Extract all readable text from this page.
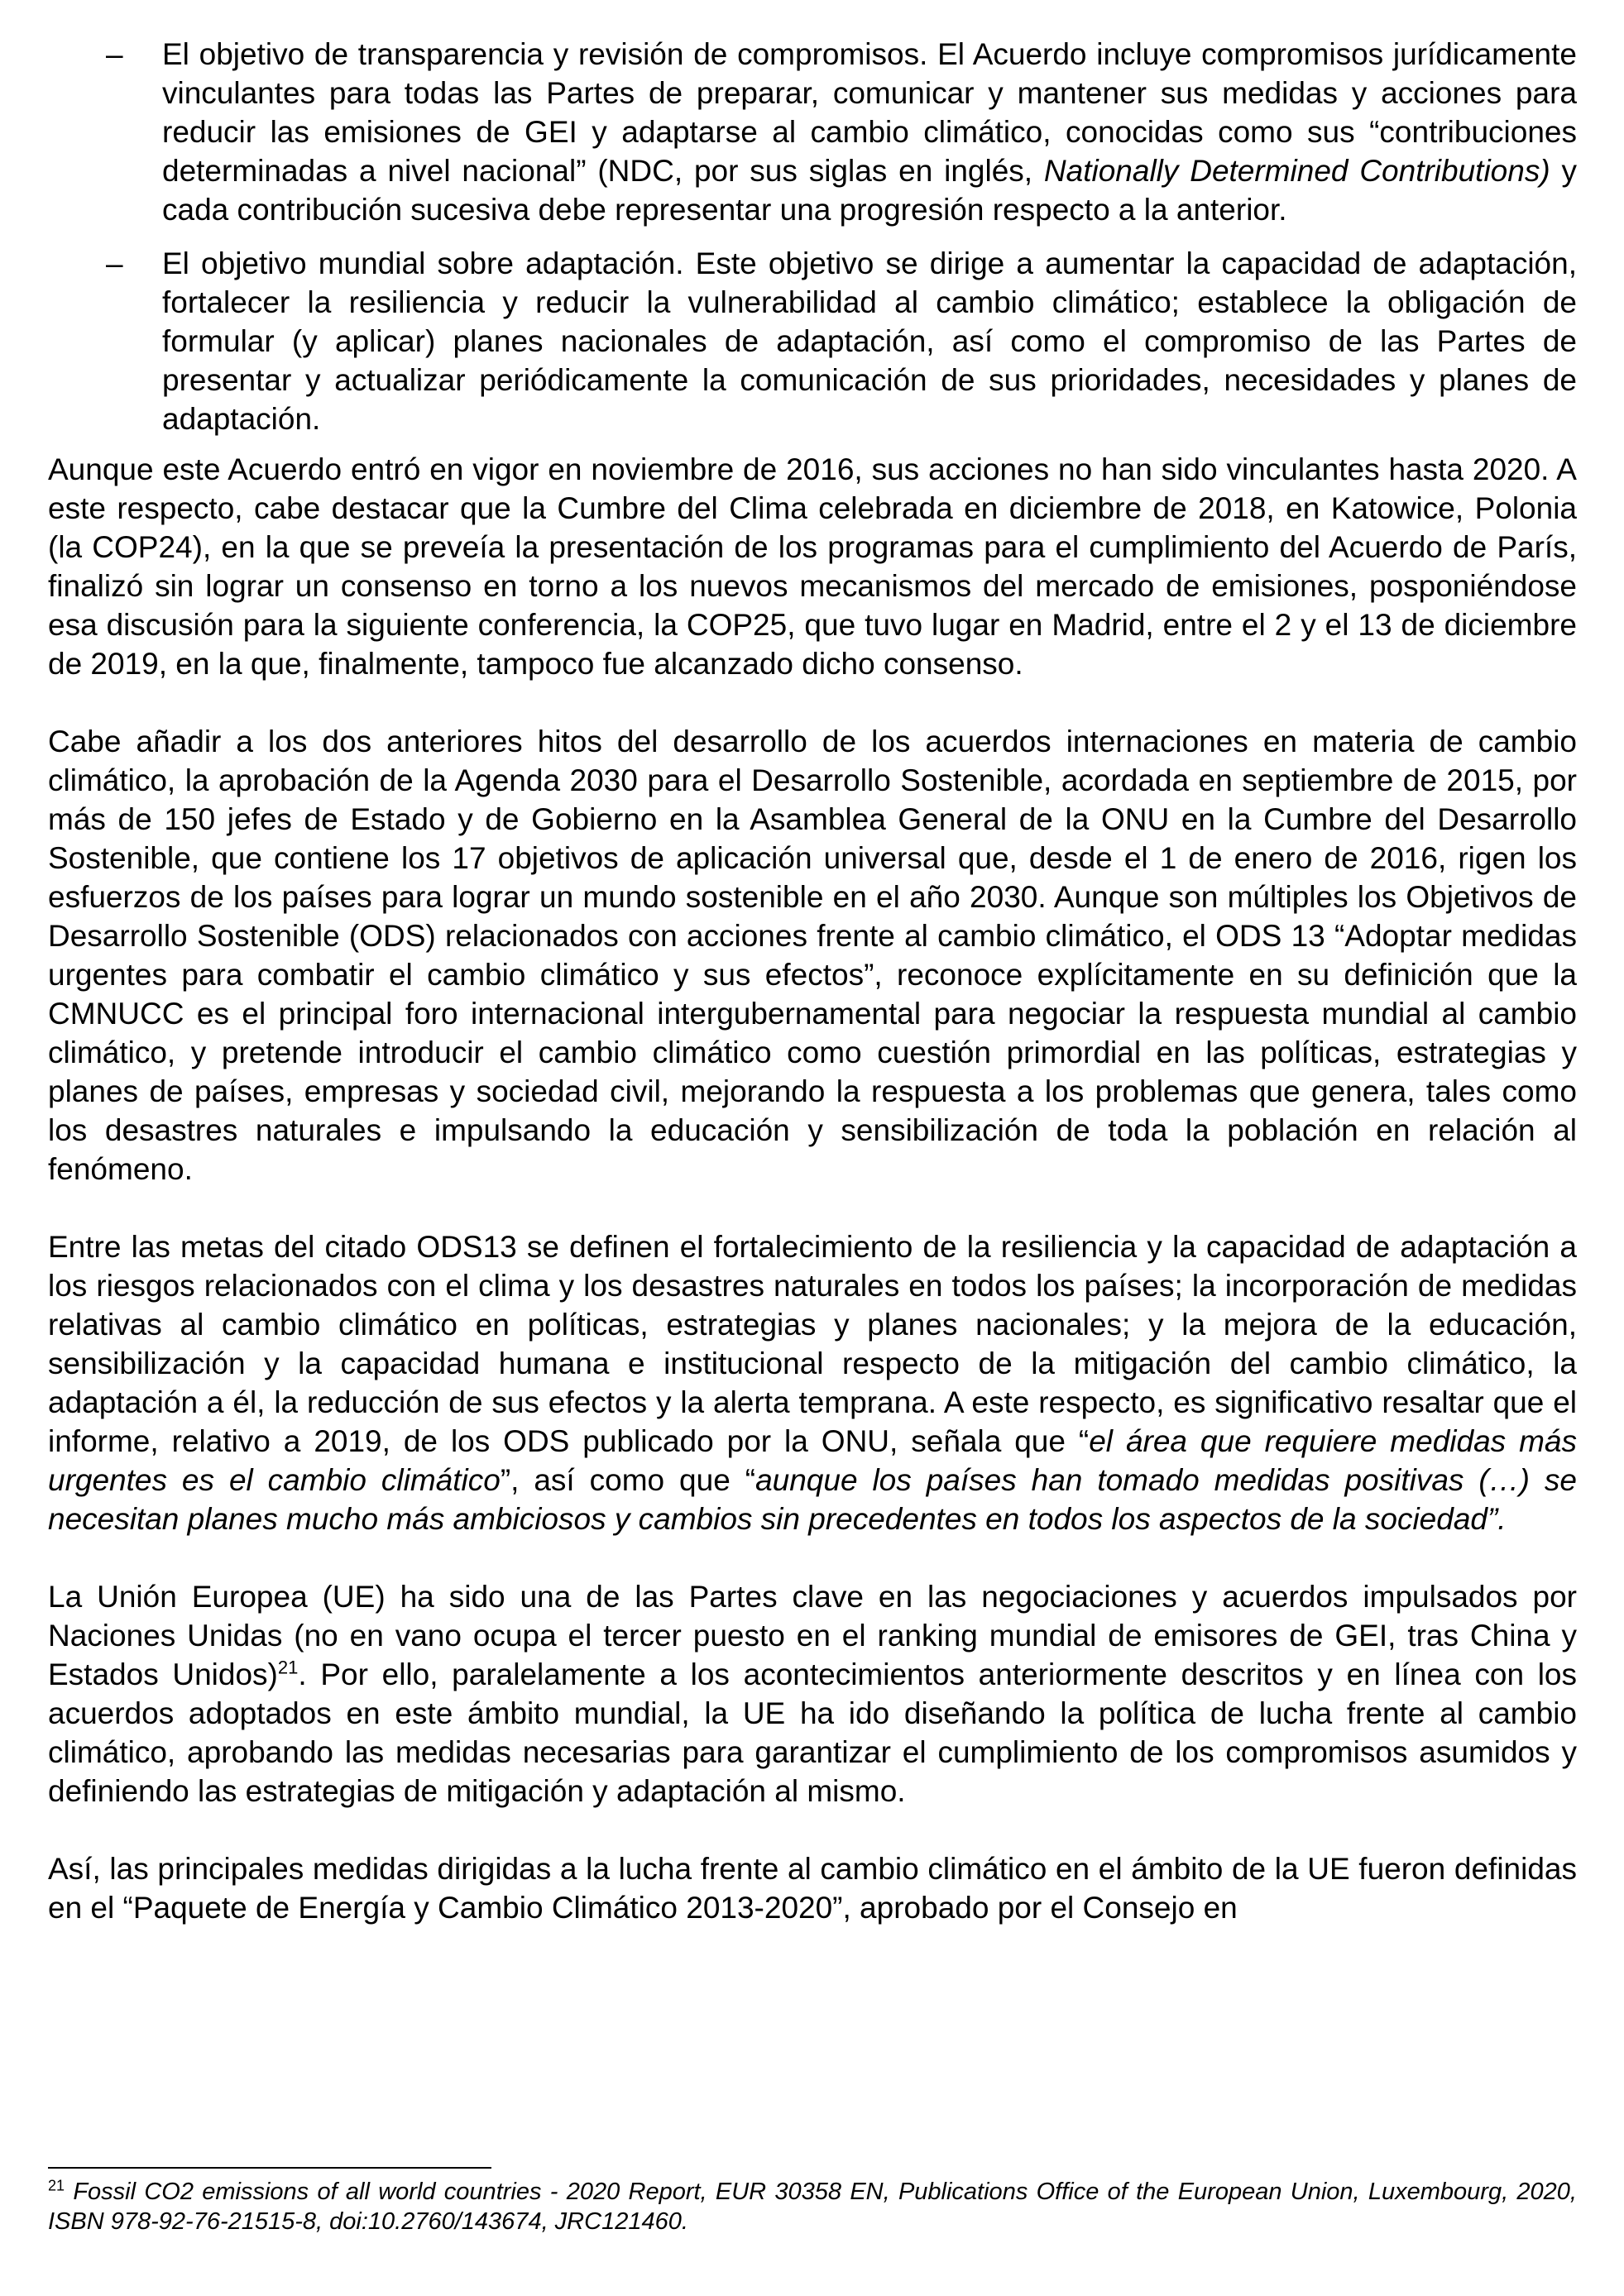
– El objetivo de transparencia y revisión de compromisos. El Acuerdo incluye compromisos jurídicamente vinculantes para todas las Partes de preparar, comunicar y mantener sus medidas y acciones para reducir las emisiones de GEI y adaptarse al cambio climático, conocidas como sus “contribuciones determinadas a nivel nacional” (NDC, por sus siglas en inglés, Nationally Determined Contributions) y cada contribución sucesiva debe representar una progresión respecto a la anterior.

– El objetivo mundial sobre adaptación. Este objetivo se dirige a aumentar la capacidad de adaptación, fortalecer la resiliencia y reducir la vulnerabilidad al cambio climático; establece la obligación de formular (y aplicar) planes nacionales de adaptación, así como el compromiso de las Partes de presentar y actualizar periódicamente la comunicación de sus prioridades, necesidades y planes de adaptación.

Aunque este Acuerdo entró en vigor en noviembre de 2016, sus acciones no han sido vinculantes hasta 2020. A este respecto, cabe destacar que la Cumbre del Clima celebrada en diciembre de 2018, en Katowice, Polonia (la COP24), en la que se preveía la presentación de los programas para el cumplimiento del Acuerdo de París, finalizó sin lograr un consenso en torno a los nuevos mecanismos del mercado de emisiones, posponiéndose esa discusión para la siguiente conferencia, la COP25, que tuvo lugar en Madrid, entre el 2 y el 13 de diciembre de 2019, en la que, finalmente, tampoco fue alcanzado dicho consenso.

Cabe añadir a los dos anteriores hitos del desarrollo de los acuerdos internaciones en materia de cambio climático, la aprobación de la Agenda 2030 para el Desarrollo Sostenible, acordada en septiembre de 2015, por más de 150 jefes de Estado y de Gobierno en la Asamblea General de la ONU en la Cumbre del Desarrollo Sostenible, que contiene los 17 objetivos de aplicación universal que, desde el 1 de enero de 2016, rigen los esfuerzos de los países para lograr un mundo sostenible en el año 2030. Aunque son múltiples los Objetivos de Desarrollo Sostenible (ODS) relacionados con acciones frente al cambio climático, el ODS 13 “Adoptar medidas urgentes para combatir el cambio climático y sus efectos”, reconoce explícitamente en su definición que la CMNUCC es el principal foro internacional intergubernamental para negociar la respuesta mundial al cambio climático, y pretende introducir el cambio climático como cuestión primordial en las políticas, estrategias y planes de países, empresas y sociedad civil, mejorando la respuesta a los problemas que genera, tales como los desastres naturales e impulsando la educación y sensibilización de toda la población en relación al fenómeno.

Entre las metas del citado ODS13 se definen el fortalecimiento de la resiliencia y la capacidad de adaptación a los riesgos relacionados con el clima y los desastres naturales en todos los países; la incorporación de medidas relativas al cambio climático en políticas, estrategias y planes nacionales; y la mejora de la educación, sensibilización y la capacidad humana e institucional respecto de la mitigación del cambio climático, la adaptación a él, la reducción de sus efectos y la alerta temprana. A este respecto, es significativo resaltar que el informe, relativo a 2019, de los ODS publicado por la ONU, señala que “el área que requiere medidas más urgentes es el cambio climático”, así como que “aunque los países han tomado medidas positivas (…) se necesitan planes mucho más ambiciosos y cambios sin precedentes en todos los aspectos de la sociedad”.

La Unión Europea (UE) ha sido una de las Partes clave en las negociaciones y acuerdos impulsados por Naciones Unidas (no en vano ocupa el tercer puesto en el ranking mundial de emisores de GEI, tras China y Estados Unidos)$^{21}$. Por ello, paralelamente a los acontecimientos anteriormente descritos y en línea con los acuerdos adoptados en este ámbito mundial, la UE ha ido diseñando la política de lucha frente al cambio climático, aprobando las medidas necesarias para garantizar el cumplimiento de los compromisos asumidos y definiendo las estrategias de mitigación y adaptación al mismo.

Así, las principales medidas dirigidas a la lucha frente al cambio climático en el ámbito de la UE fueron definidas en el “Paquete de Energía y Cambio Climático 2013-2020”, aprobado por el Consejo en

$^{21}$ Fossil CO2 emissions of all world countries - 2020 Report, EUR 30358 EN, Publications Office of the European Union, Luxembourg, 2020, ISBN 978-92-76-21515-8, doi:10.2760/143674, JRC121460.
